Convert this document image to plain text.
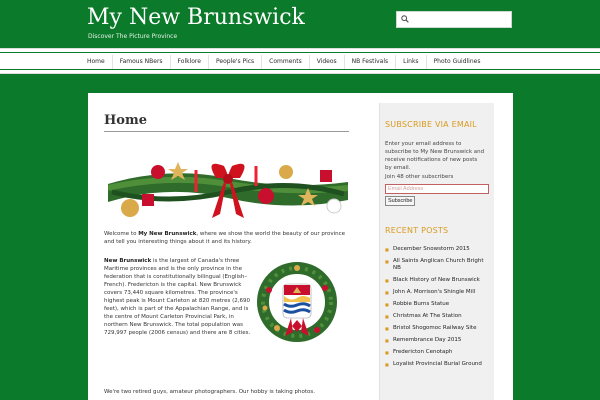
My New Brunswick
Discover The Picture Province
Home	Famous NBers	Folklore	People's Pics	Comments	Videos	NB Festivals	Links	Photo Guidlines
Home

Welcome to My New Brunswick, where we show the world the beauty of our province and tell you interesting things about it and its history.

New Brunswick is the largest of Canada's three Maritime provinces and is the only province in the federation that is constitutionally bilingual (English–French). Fredericton is the capital. New Brunswick covers 73,440 square kilometres. The province's highest peak is Mount Carleton at 820 metres (2,690 feet), which is part of the Appalachian Range, and is the centre of Mount Carleton Provincial Park, in northern New Brunswick. The total population was 729,997 people (2006 census) and there are 8 cities.

We're two retired guys, amateur photographers. Our hobby is taking photos.

SUBSCRIBE VIA EMAIL

Enter your email address to subscribe to My New Brunswick and receive notifications of new posts by email.

Join 48 other subscribers
Email Address
Subscribe
RECENT POSTS
■ December Snowstorm 2015
■ All Saints Anglican Church Bright NB
■ Black History of New Brunswick
■ John A. Morrison's Shingle Mill
■ Robbie Burns Statue
■ Christmas At The Station
■ Bristol Shogomoc Railway Site
■ Remembrance Day 2015
■ Fredericton Cenotaph
■ Loyalist Provincial Burial Ground
